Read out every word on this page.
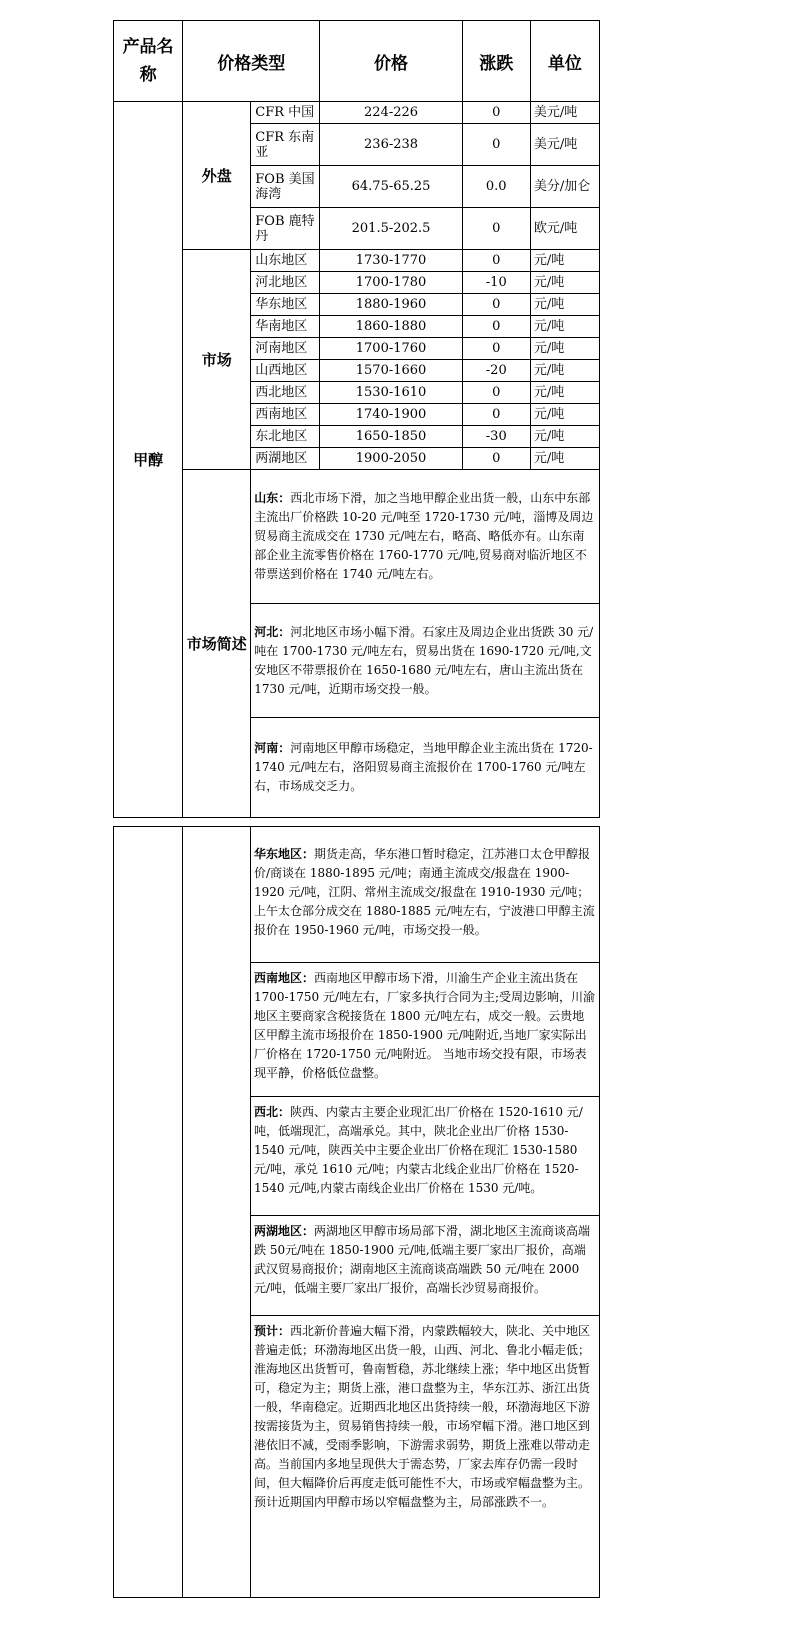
产品名称	价格类型		价格	涨跌	单位
甲醇	外盘	CFR 中国	224-226	0	美元/吨
		CFR 东南亚	236-238	0	美元/吨
		FOB 美国海湾	64.75-65.25	0.0	美分/加仑
		FOB 鹿特丹	201.5-202.5	0	欧元/吨
	市场	山东地区	1730-1770	0	元/吨
		河北地区	1700-1780	-10	元/吨
		华东地区	1880-1960	0	元/吨
		华南地区	1860-1880	0	元/吨
		河南地区	1700-1760	0	元/吨
		山西地区	1570-1660	-20	元/吨
		西北地区	1530-1610	0	元/吨
		西南地区	1740-1900	0	元/吨
		东北地区	1650-1850	-30	元/吨
		两湖地区	1900-2050	0	元/吨
	市场简述	山东：西北市场下滑，加之当地甲醇企业出货一般，山东中东部主流出厂价格跌 10-20 元/吨至 1720-1730 元/吨，淄博及周边贸易商主流成交在 1730 元/吨左右，略高、略低亦有。山东南部企业主流零售价格在 1760-1770 元/吨,贸易商对临沂地区不带票送到价格在 1740 元/吨左右。			
		河北：河北地区市场小幅下滑。石家庄及周边企业出货跌 30 元/吨在 1700-1730 元/吨左右，贸易出货在 1690-1720 元/吨,文安地区不带票报价在 1650-1680 元/吨左右，唐山主流出货在 1730 元/吨，近期市场交投一般。			
		河南：河南地区甲醇市场稳定，当地甲醇企业主流出货在 1720-1740 元/吨左右，洛阳贸易商主流报价在 1700-1760 元/吨左右，市场成交乏力。			
		华东地区：期货走高，华东港口暂时稳定，江苏港口太仓甲醇报价/商谈在 1880-1895 元/吨；南通主流成交/报盘在 1900-1920 元/吨，江阴、常州主流成交/报盘在 1910-1930 元/吨；上午太仓部分成交在 1880-1885 元/吨左右，宁波港口甲醇主流报价在 1950-1960 元/吨，市场交投一般。
西南地区：西南地区甲醇市场下滑，川渝生产企业主流出货在 1700-1750 元/吨左右，厂家多执行合同为主;受周边影响，川渝地区主要商家含税接货在 1800 元/吨左右，成交一般。云贵地区甲醇主流市场报价在 1850-1900 元/吨附近,当地厂家实际出厂价格在 1720-1750 元/吨附近。 当地市场交投有限，市场表现平静，价格低位盘整。
西北：陕西、内蒙古主要企业现汇出厂价格在 1520-1610 元/吨，低端现汇，高端承兑。其中，陕北企业出厂价格 1530-1540 元/吨，陕西关中主要企业出厂价格在现汇 1530-1580 元/吨，承兑 1610 元/吨；内蒙古北线企业出厂价格在 1520-1540 元/吨,内蒙古南线企业出厂价格在 1530 元/吨。
两湖地区：两湖地区甲醇市场局部下滑，湖北地区主流商谈高端跌 50元/吨在 1850-1900 元/吨,低端主要厂家出厂报价，高端武汉贸易商报价；湖南地区主流商谈高端跌 50 元/吨在 2000 元/吨，低端主要厂家出厂报价，高端长沙贸易商报价。
预计：西北新价普遍大幅下滑，内蒙跌幅较大，陕北、关中地区普遍走低；环渤海地区出货一般，山西、河北、鲁北小幅走低；淮海地区出货暂可，鲁南暂稳，苏北继续上涨；华中地区出货暂可，稳定为主；期货上涨，港口盘整为主，华东江苏、浙江出货一般，华南稳定。近期西北地区出货持续一般，环渤海地区下游按需接货为主，贸易销售持续一般，市场窄幅下滑。港口地区到港依旧不减，受雨季影响，下游需求弱势，期货上涨难以带动走高。当前国内多地呈现供大于需态势，厂家去库存仍需一段时间，但大幅降价后再度走低可能性不大，市场或窄幅盘整为主。预计近期国内甲醇市场以窄幅盘整为主，局部涨跌不一。
